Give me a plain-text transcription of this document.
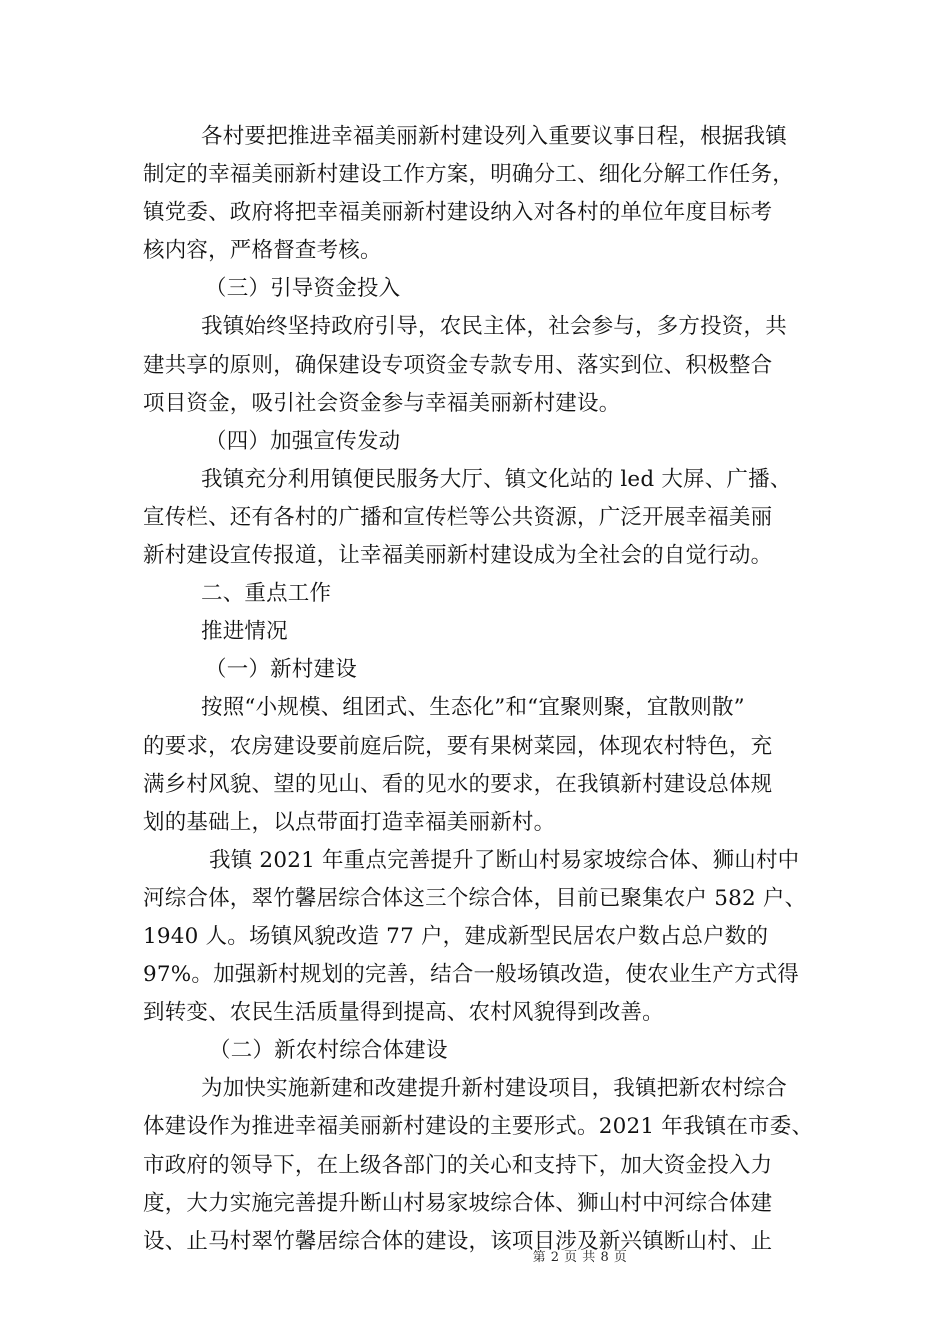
各村要把推进幸福美丽新村建设列入重要议事日程，根据我镇
制定的幸福美丽新村建设工作方案，明确分工、细化分解工作任务，
镇党委、政府将把幸福美丽新村建设纳入对各村的单位年度目标考
核内容，严格督查考核。
（三）引导资金投入
我镇始终坚持政府引导，农民主体，社会参与，多方投资，共
建共享的原则，确保建设专项资金专款专用、落实到位、积极整合
项目资金，吸引社会资金参与幸福美丽新村建设。
（四）加强宣传发动
我镇充分利用镇便民服务大厅、镇文化站的 led 大屏、广播、
宣传栏、还有各村的广播和宣传栏等公共资源，广泛开展幸福美丽
新村建设宣传报道，让幸福美丽新村建设成为全社会的自觉行动。
二、重点工作
推进情况
（一）新村建设
按照“小规模、组团式、生态化”和“宜聚则聚，宜散则散”
的要求，农房建设要前庭后院，要有果树菜园，体现农村特色，充
满乡村风貌、望的见山、看的见水的要求，在我镇新村建设总体规
划的基础上，以点带面打造幸福美丽新村。
我镇 2021 年重点完善提升了断山村易家坡综合体、狮山村中
河综合体，翠竹馨居综合体这三个综合体，目前已聚集农户 582 户、
1940 人。场镇风貌改造 77 户，建成新型民居农户数占总户数的
97%。加强新村规划的完善，结合一般场镇改造，使农业生产方式得
到转变、农民生活质量得到提高、农村风貌得到改善。
（二）新农村综合体建设
为加快实施新建和改建提升新村建设项目，我镇把新农村综合
体建设作为推进幸福美丽新村建设的主要形式。2021 年我镇在市委、
市政府的领导下，在上级各部门的关心和支持下，加大资金投入力
度，大力实施完善提升断山村易家坡综合体、狮山村中河综合体建
设、止马村翠竹馨居综合体的建设，该项目涉及新兴镇断山村、止
第 2 页 共 8 页
